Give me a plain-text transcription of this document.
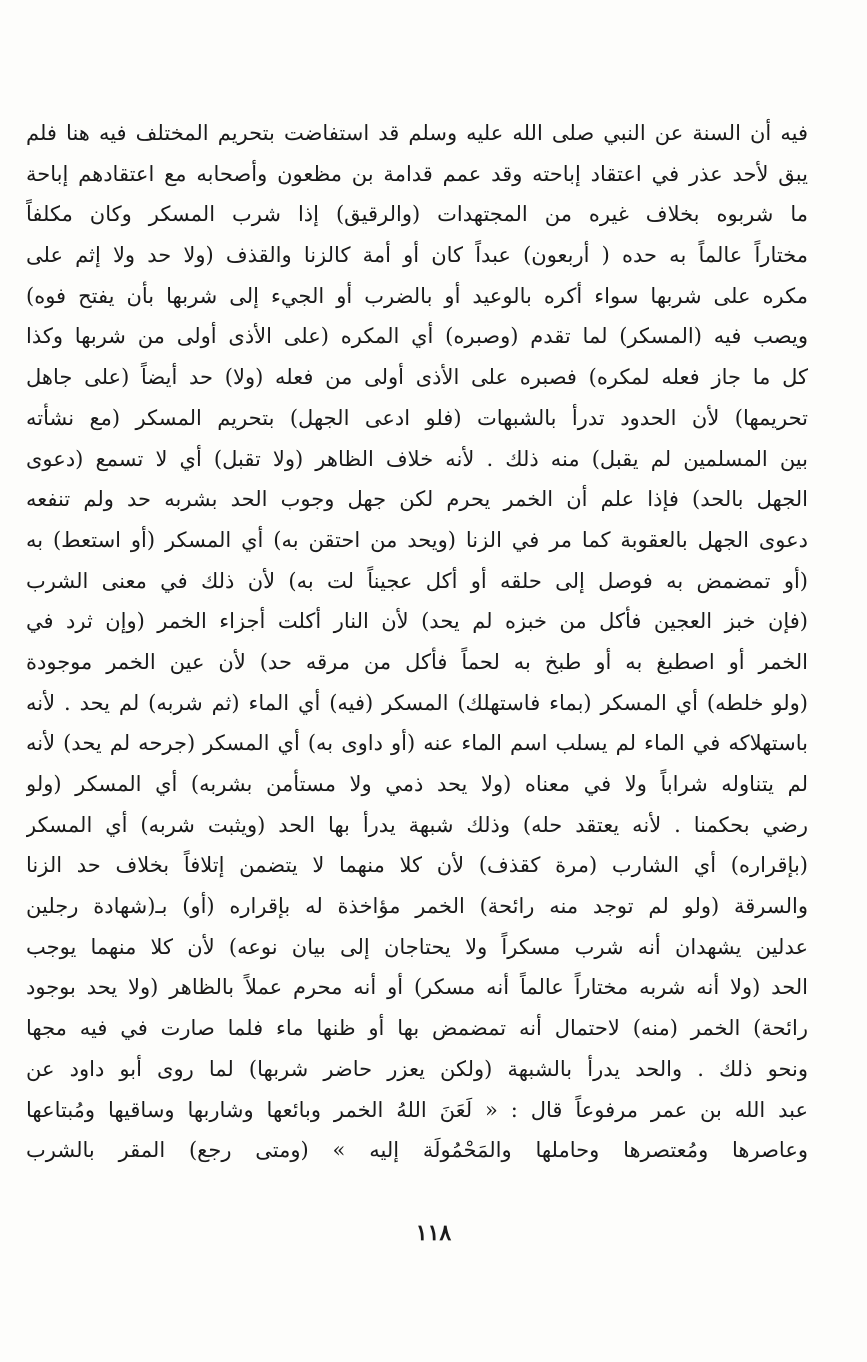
فيه أن السنة عن النبي صلى الله عليه وسلم قد استفاضت بتحريم المختلف فيه هنا فلم
يبق لأحد عذر في اعتقاد إباحته وقد عمم قدامة بن مظعون وأصحابه مع اعتقادهم إباحة
ما شربوه بخلاف غيره من المجتهدات (والرقيق) إذا شرب المسكر وكان مكلفاً
مختاراً عالماً به حده ( أربعون) عبداً كان أو أمة كالزنا والقذف (ولا حد ولا إثم على
مكره على شربها سواء أكره بالوعيد أو بالضرب أو الجيء إلى شربها بأن يفتح فوه)
ويصب فيه (المسكر) لما تقدم (وصبره) أي المكره (على الأذى أولى من شربها وكذا
كل ما جاز فعله لمكره) فصبره على الأذى أولى من فعله (ولا) حد أيضاً (على جاهل
تحريمها) لأن الحدود تدرأ بالشبهات (فلو ادعى الجهل) بتحريم المسكر (مع نشأته
بين المسلمين لم يقبل) منه ذلك . لأنه خلاف الظاهر (ولا تقبل) أي لا تسمع (دعوى
الجهل بالحد) فإذا علم أن الخمر يحرم لكن جهل وجوب الحد بشربه حد ولم تنفعه
دعوى الجهل بالعقوبة كما مر في الزنا (ويحد من احتقن به) أي المسكر (أو استعط) به
(أو تمضمض به فوصل إلى حلقه أو أكل عجيناً لت به) لأن ذلك في معنى الشرب
(فإن خبز العجين فأكل من خبزه لم يحد) لأن النار أكلت أجزاء الخمر (وإن ثرد في
الخمر أو اصطبغ به أو طبخ به لحماً فأكل من مرقه حد) لأن عين الخمر موجودة
(ولو خلطه) أي المسكر (بماء فاستهلك) المسكر (فيه) أي الماء (ثم شربه) لم يحد . لأنه
باستهلاكه في الماء لم يسلب اسم الماء عنه (أو داوى به) أي المسكر (جرحه لم يحد) لأنه
لم يتناوله شراباً ولا في معناه (ولا يحد ذمي ولا مستأمن بشربه) أي المسكر (ولو
رضي بحكمنا . لأنه يعتقد حله) وذلك شبهة يدرأ بها الحد (ويثبت شربه) أي المسكر
(بإقراره) أي الشارب (مرة كقذف) لأن كلا منهما لا يتضمن إتلافاً بخلاف حد الزنا
والسرقة (ولو لم توجد منه رائحة) الخمر مؤاخذة له بإقراره (أو) بـ(شهادة رجلين
عدلين يشهدان أنه شرب مسكراً ولا يحتاجان إلى بيان نوعه) لأن كلا منهما يوجب
الحد (ولا أنه شربه مختاراً عالماً أنه مسكر) أو أنه محرم عملاً بالظاهر (ولا يحد بوجود
رائحة) الخمر (منه) لاحتمال أنه تمضمض بها أو ظنها ماء فلما صارت في فيه مجها
ونحو ذلك . والحد يدرأ بالشبهة (ولكن يعزر حاضر شربها) لما روى أبو داود عن
عبد الله بن عمر مرفوعاً قال : « لَعَنَ اللهُ الخمر وبائعها وشاربها وساقيها ومُبتاعها
وعاصرها ومُعتصرها وحاملها والمَحْمُولَة إليه » (ومتى رجع) المقر بالشرب
١١٨
